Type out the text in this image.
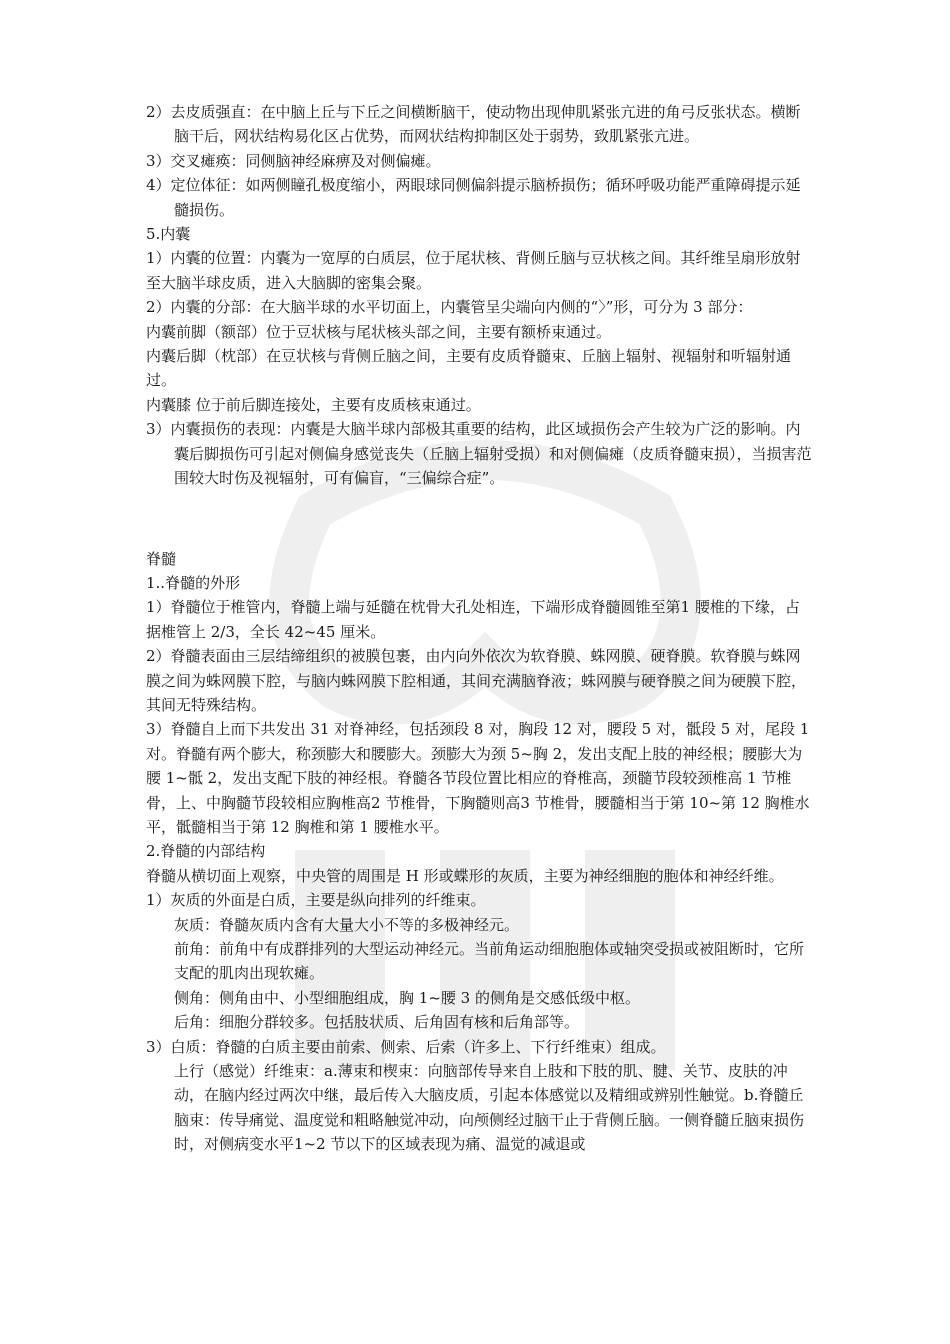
2）去皮质强直：在中脑上丘与下丘之间横断脑干，使动物出现伸肌紧张亢进的角弓反张状态。横断脑干后，网状结构易化区占优势，而网状结构抑制区处于弱势，致肌紧张亢进。

3）交叉瘫痪：同侧脑神经麻痹及对侧偏瘫。

4）定位体征：如两侧瞳孔极度缩小，两眼球同侧偏斜提示脑桥损伤；循环呼吸功能严重障碍提示延髓损伤。

5.内囊

1）内囊的位置：内囊为一宽厚的白质层，位于尾状核、背侧丘脑与豆状核之间。其纤维呈扇形放射至大脑半球皮质，进入大脑脚的密集会聚。

2）内囊的分部：在大脑半球的水平切面上，内囊管呈尖端向内侧的“〉”形，可分为 3 部分：

内囊前脚（额部）位于豆状核与尾状核头部之间，主要有额桥束通过。

内囊后脚（枕部）在豆状核与背侧丘脑之间，主要有皮质脊髓束、丘脑上辐射、视辐射和听辐射通过。

内囊膝 位于前后脚连接处，主要有皮质核束通过。

3）内囊损伤的表现：内囊是大脑半球内部极其重要的结构，此区域损伤会产生较为广泛的影响。内囊后脚损伤可引起对侧偏身感觉丧失（丘脑上辐射受损）和对侧偏瘫（皮质脊髓束损），当损害范围较大时伤及视辐射，可有偏盲，“三偏综合症”。

脊髓

1..脊髓的外形

1）脊髓位于椎管内，脊髓上端与延髓在枕骨大孔处相连，下端形成脊髓圆锥至第1 腰椎的下缘，占据椎管上 2/3，全长 42~45 厘米。

2）脊髓表面由三层结缔组织的被膜包裹，由内向外依次为软脊膜、蛛网膜、硬脊膜。软脊膜与蛛网膜之间为蛛网膜下腔，与脑内蛛网膜下腔相通，其间充满脑脊液；蛛网膜与硬脊膜之间为硬膜下腔，其间无特殊结构。

3）脊髓自上而下共发出 31 对脊神经，包括颈段 8 对，胸段 12 对，腰段 5 对，骶段 5 对，尾段 1 对。脊髓有两个膨大，称颈膨大和腰膨大。颈膨大为颈 5~胸 2，发出支配上肢的神经根；腰膨大为腰 1~骶 2，发出支配下肢的神经根。脊髓各节段位置比相应的脊椎高，颈髓节段较颈椎高 1 节椎骨，上、中胸髓节段较相应胸椎高2 节椎骨，下胸髓则高3 节椎骨，腰髓相当于第 10~第 12 胸椎水平，骶髓相当于第 12 胸椎和第 1 腰椎水平。

2.脊髓的内部结构

脊髓从横切面上观察，中央管的周围是 H 形或蝶形的灰质，主要为神经细胞的胞体和神经纤维。

1）灰质的外面是白质，主要是纵向排列的纤维束。

灰质：脊髓灰质内含有大量大小不等的多极神经元。

前角：前角中有成群排列的大型运动神经元。当前角运动细胞胞体或轴突受损或被阻断时，它所支配的肌肉出现软瘫。

侧角：侧角由中、小型细胞组成，胸 1~腰 3 的侧角是交感低级中枢。

后角：细胞分群较多。包括肢状质、后角固有核和后角部等。

3）白质：脊髓的白质主要由前索、侧索、后索（许多上、下行纤维束）组成。

上行（感觉）纤维束：a.薄束和楔束：向脑部传导来自上肢和下肢的肌、腱、关节、皮肤的冲动，在脑内经过两次中继，最后传入大脑皮质，引起本体感觉以及精细或辨别性触觉。b.脊髓丘脑束：传导痛觉、温度觉和粗略触觉冲动，向颅侧经过脑干止于背侧丘脑。一侧脊髓丘脑束损伤时，对侧病变水平1~2 节以下的区域表现为痛、温觉的减退或
